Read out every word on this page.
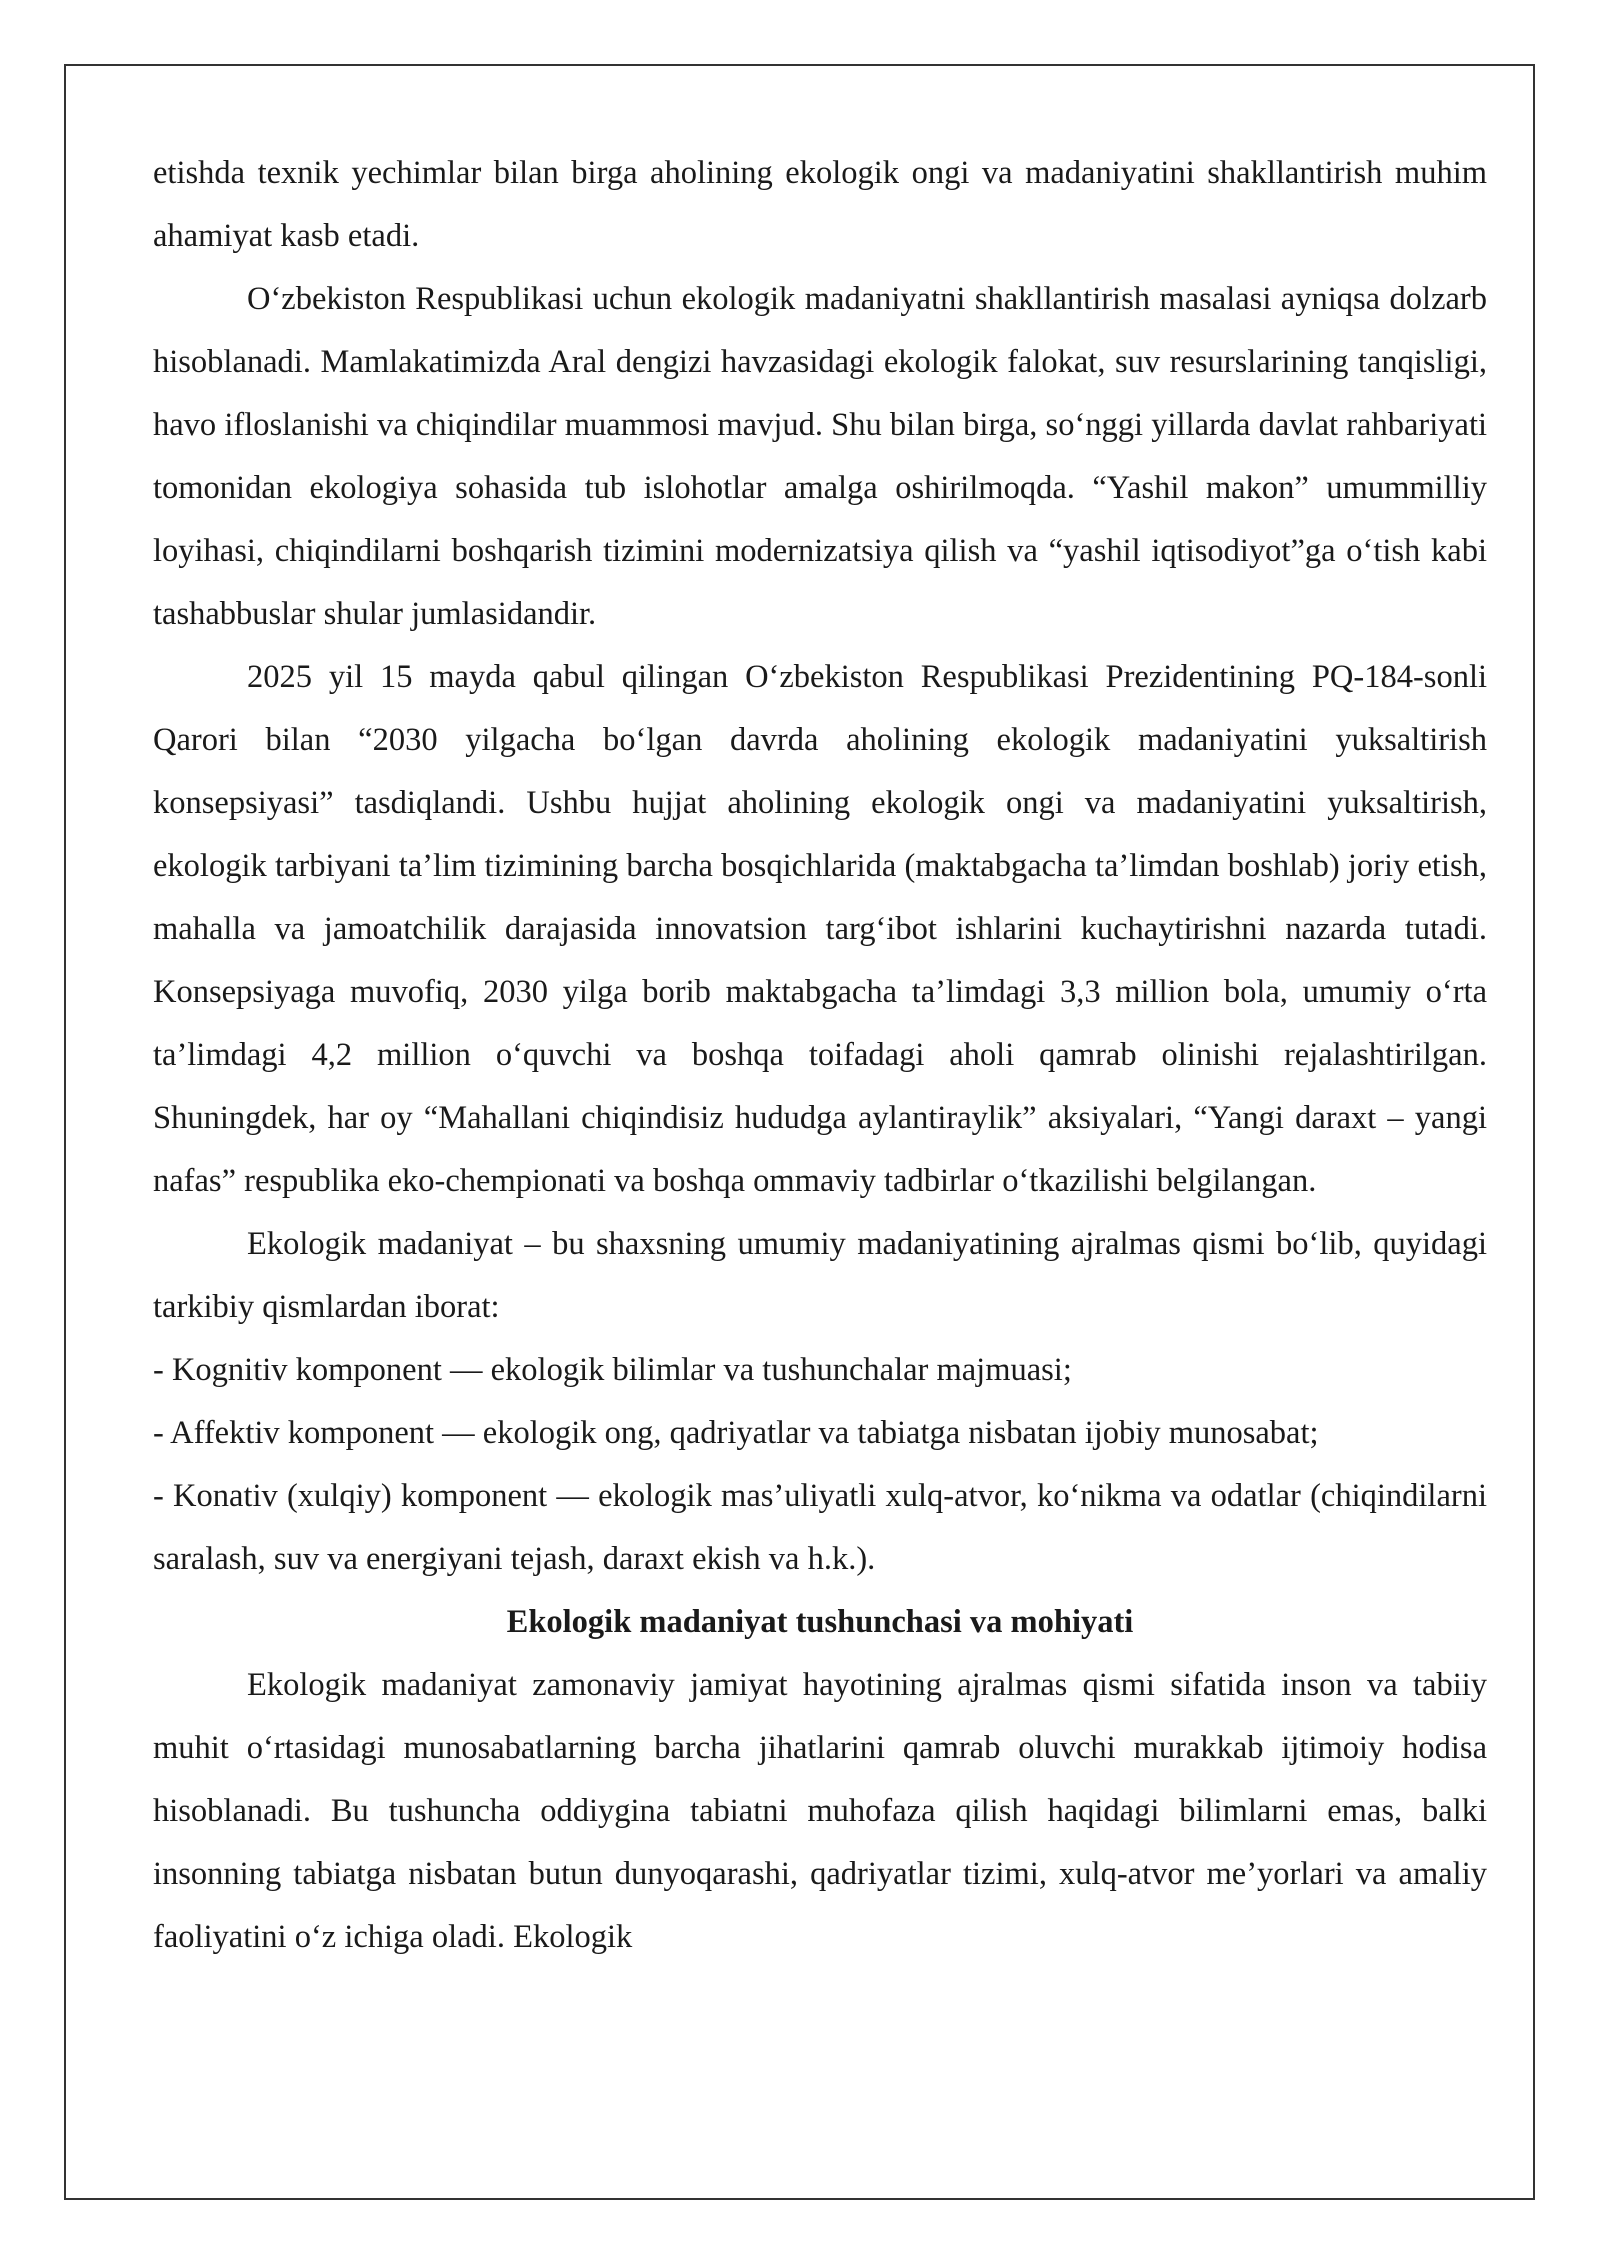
etishda texnik yechimlar bilan birga aholining ekologik ongi va madaniyatini shakllantirish muhim ahamiyat kasb etadi.

O‘zbekiston Respublikasi uchun ekologik madaniyatni shakllantirish masalasi ayniqsa dolzarb hisoblanadi. Mamlakatimizda Aral dengizi havzasidagi ekologik falokat, suv resurslarining tanqisligi, havo ifloslanishi va chiqindilar muammosi mavjud. Shu bilan birga, so‘nggi yillarda davlat rahbariyati tomonidan ekologiya sohasida tub islohotlar amalga oshirilmoqda. “Yashil makon” umummilliy loyihasi, chiqindilarni boshqarish tizimini modernizatsiya qilish va “yashil iqtisodiyot”ga o‘tish kabi tashabbuslar shular jumlasidandir.

2025 yil 15 mayda qabul qilingan O‘zbekiston Respublikasi Prezidentining PQ-184-sonli Qarori bilan “2030 yilgacha bo‘lgan davrda aholining ekologik madaniyatini yuksaltirish konsepsiyasi” tasdiqlandi. Ushbu hujjat aholining ekologik ongi va madaniyatini yuksaltirish, ekologik tarbiyani ta’lim tizimining barcha bosqichlarida (maktabgacha ta’limdan boshlab) joriy etish, mahalla va jamoatchilik darajasida innovatsion targ‘ibot ishlarini kuchaytirishni nazarda tutadi. Konsepsiyaga muvofiq, 2030 yilga borib maktabgacha ta’limdagi 3,3 million bola, umumiy o‘rta ta’limdagi 4,2 million o‘quvchi va boshqa toifadagi aholi qamrab olinishi rejalashtirilgan. Shuningdek, har oy “Mahallani chiqindisiz hududga aylantiraylik” aksiyalari, “Yangi daraxt – yangi nafas” respublika eko-chempionati va boshqa ommaviy tadbirlar o‘tkazilishi belgilangan.

Ekologik madaniyat – bu shaxsning umumiy madaniyatining ajralmas qismi bo‘lib, quyidagi tarkibiy qismlardan iborat:

- Kognitiv komponent — ekologik bilimlar va tushunchalar majmuasi;

- Affektiv komponent — ekologik ong, qadriyatlar va tabiatga nisbatan ijobiy munosabat;

- Konativ (xulqiy) komponent — ekologik mas’uliyatli xulq-atvor, ko‘nikma va odatlar (chiqindilarni saralash, suv va energiyani tejash, daraxt ekish va h.k.).

Ekologik madaniyat tushunchasi va mohiyati

Ekologik madaniyat zamonaviy jamiyat hayotining ajralmas qismi sifatida inson va tabiiy muhit o‘rtasidagi munosabatlarning barcha jihatlarini qamrab oluvchi murakkab ijtimoiy hodisa hisoblanadi. Bu tushuncha oddiygina tabiatni muhofaza qilish haqidagi bilimlarni emas, balki insonning tabiatga nisbatan butun dunyoqarashi, qadriyatlar tizimi, xulq-atvor me’yorlari va amaliy faoliyatini o‘z ichiga oladi. Ekologik
